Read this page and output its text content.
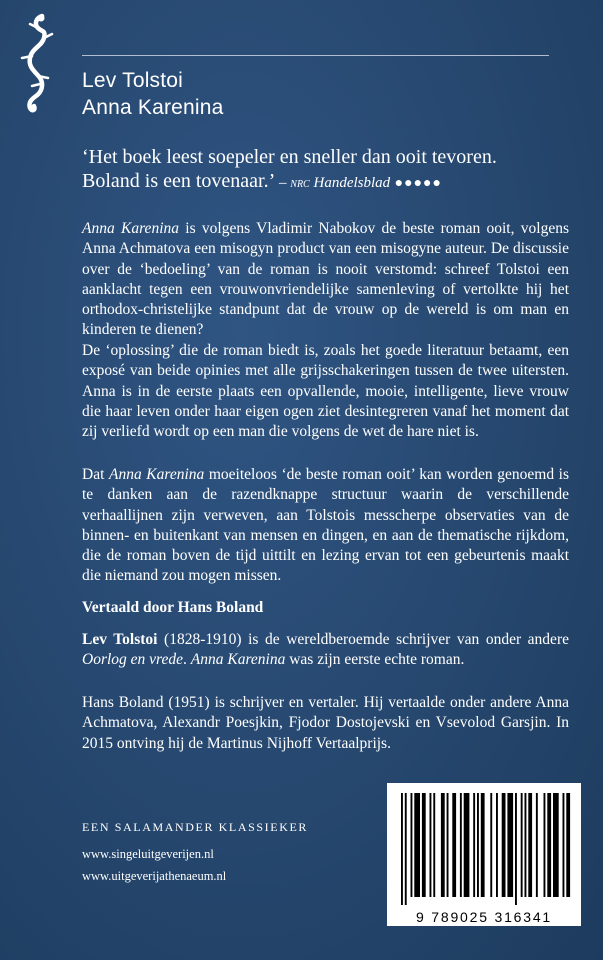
Lev Tolstoi
Anna Karenina
‘Het boek leest soepeler en sneller dan ooit tevoren.
Boland is een tovenaar.’ – nrc Handelsblad ●●●●●
Anna Karenina is volgens Vladimir Nabokov de beste roman ooit, volgens Anna Achmatova een misogyn product van een misogyne auteur. De discussie over de ‘bedoeling’ van de roman is nooit verstomd: schreef Tolstoi een aanklacht tegen een vrouwonvriendelijke samenleving of vertolkte hij het orthodox-christelijke standpunt dat de vrouw op de wereld is om man en kinderen te dienen?
De ‘oplossing’ die de roman biedt is, zoals het goede literatuur betaamt, een exposé van beide opinies met alle grijsschakeringen tussen de twee uitersten. Anna is in de eerste plaats een opvallende, mooie, intelligente, lieve vrouw die haar leven onder haar eigen ogen ziet desintegreren vanaf het moment dat zij verliefd wordt op een man die volgens de wet de hare niet is.
Dat Anna Karenina moeiteloos ‘de beste roman ooit’ kan worden genoemd is te danken aan de razendknappe structuur waarin de verschillende verhaallijnen zijn verweven, aan Tolstois messcherpe observaties van de binnen- en buitenkant van mensen en dingen, en aan de thematische rijkdom, die de roman boven de tijd uittilt en lezing ervan tot een gebeurtenis maakt die niemand zou mogen missen.
Vertaald door Hans Boland
Lev Tolstoi (1828-1910) is de wereldberoemde schrijver van onder andere Oorlog en vrede. Anna Karenina was zijn eerste echte roman.
Hans Boland (1951) is schrijver en vertaler. Hij vertaalde onder andere Anna Achmatova, Alexandr Poesjkin, Fjodor Dostojevski en Vsevolod Garsjin. In 2015 ontving hij de Martinus Nijhoff Vertaalprijs.
EEN SALAMANDER KLASSIEKER
www.singeluitgeverijen.nl
www.uitgeverijathenaeum.nl
9 789025 316341
